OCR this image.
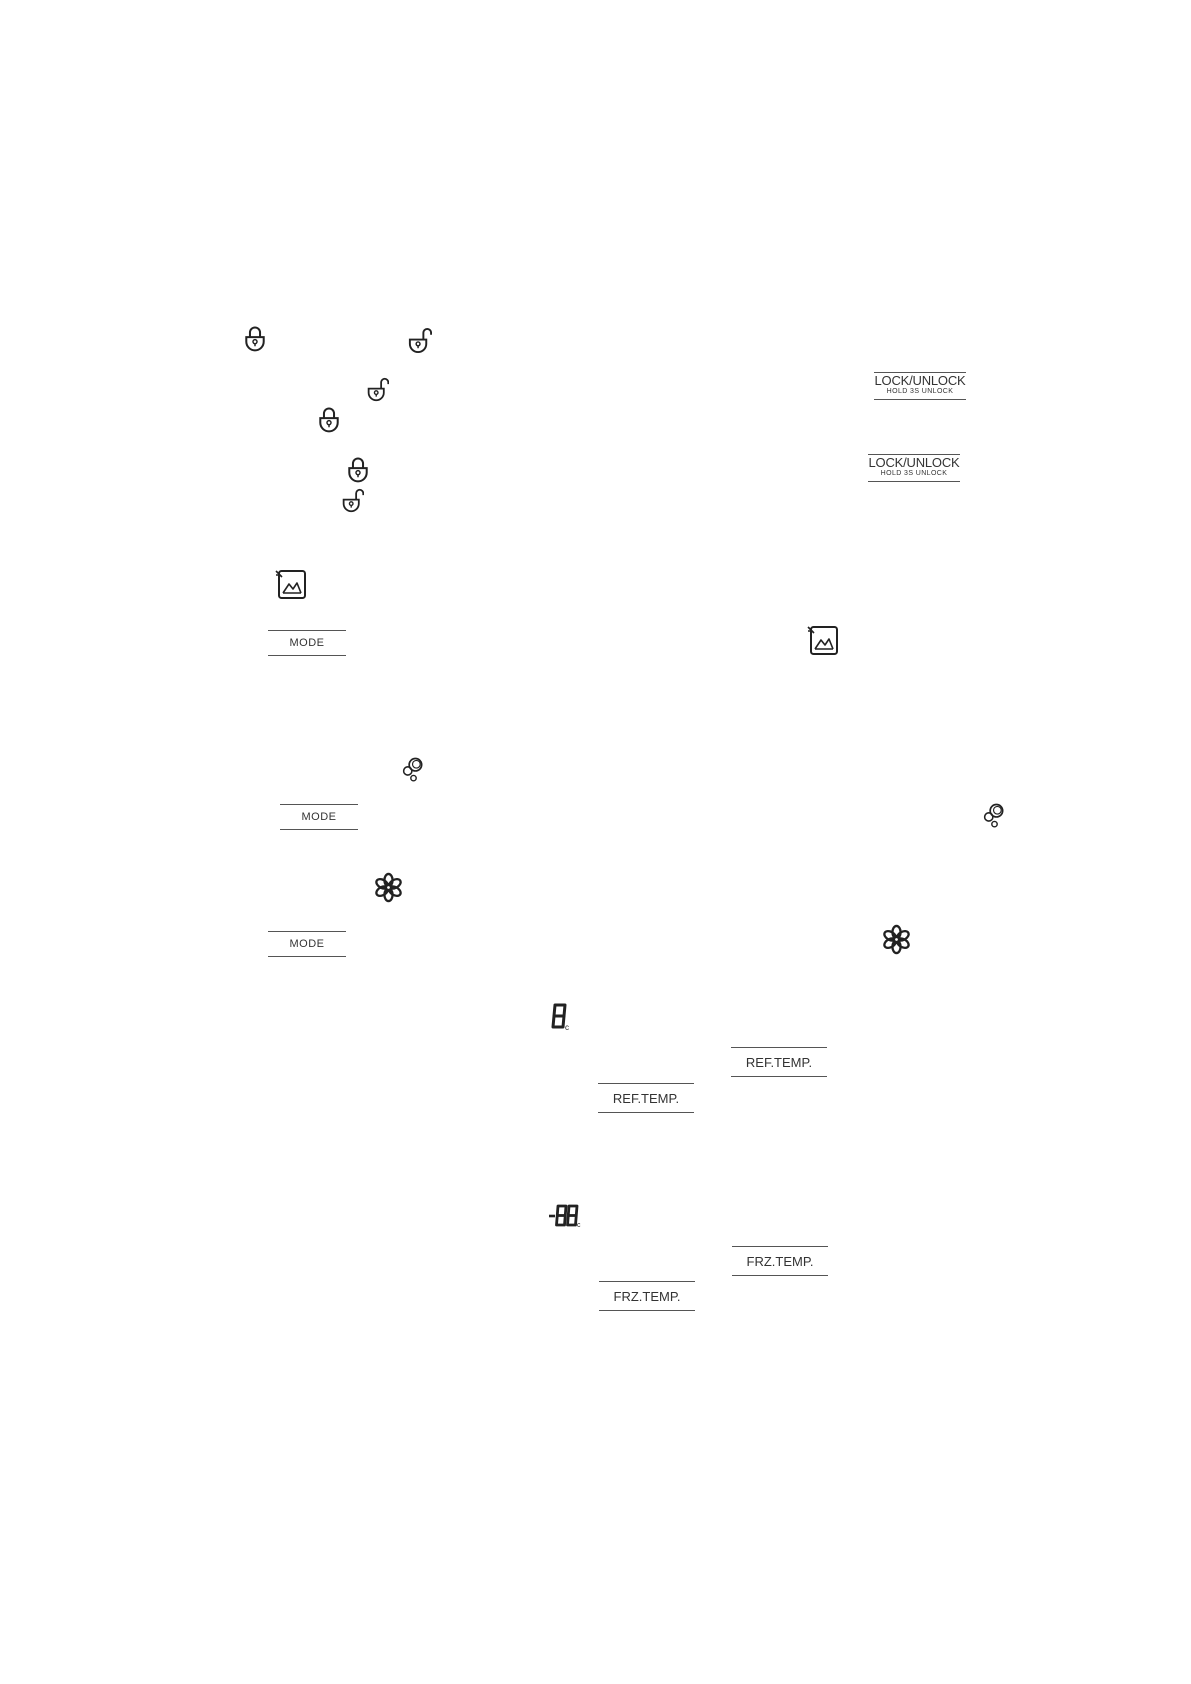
LOCK/UNLOCK
HOLD 3S UNLOCK
LOCK/UNLOCK
HOLD 3S UNLOCK
MODE
MODE
MODE
REF.TEMP.
REF.TEMP.
FRZ.TEMP.
FRZ.TEMP.
